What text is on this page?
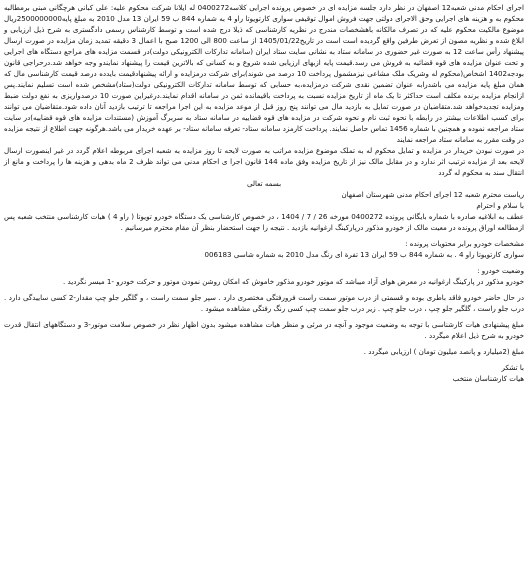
اجرای احکام مدنی شعبه12 اصفهان در نظر دارد جلسه مزایده ای در خصوص پرونده اجرایی کلاسه0400272 له ایلانا شرکت محکوم علیه: علی کبانی هرچگانی مبنی برمطالبه محکوم به و هزینه های اجرایی وحق الاجرای دولتی جهت فروش اموال توقیفی سواری کارتویوتا راو 4 به شماره 844 ب 59 ایران 13 مدل 2010 به مبلغ پایه2500000000ریال موضوع مالکیت محکوم علیه که در تصرف مالکانه باهشخصات مندرج در نظریه کارشناسی که ذیلا درج شده است و توسط کارشناس رسمی دادگستری به شرح ذیل ارزیابی و ابلاغ شده و نظریه مصون از تعرض طرفین واقع گردیده است است در تاریخ1405/01/22 از ساعت 800 الی 1200 صبح با اعمال 3 دقیقه تمدید زمان مزایده در صورت ارسال پیشنهاد رأس ساعت 12 به صورت غیر حضوری در سامانه ستاد به نشانی سایت ستاد ایران (سامانه تدارکات الکترونیکی دولت)در قسمت مزایده های مراجع دستگاه های اجرایی و تحت عنوان مزایده های قوه قضائیه به فروش می رسد.قیمت پایه ازبهای ارزیابی شده شروع و به کسانی که بالاترین قیمت را پیشنهاد نمایندو وجه خواهد شد.درحراجی قانون بودجه1402 اشخاص(محکوم له وشریک ملک مشاعی نیزمشمول پرداخت 10 درصد می شوند)برای شرکت درمزایده و ارائه پیشنهادقیمت بایدده درصد قیمت کارشناسی مال که همان مبلغ پایه مزایده می باشدرابه عنوان تضمین نقدی شرکت درمزایده،به حسابی که توسط سامانه تدارکات الکترونیکی دولت(ستاد)مشخص شده است تسلیم نمایند.پس ازانجام مزایده برنده مکلف است حداکثر تا یک ماه از تاریخ مزایده نسبت به پرداخت باقیمانده ثمن در سامانه اقدام نمایند.درغیراین صورت 10 درصدواریزی به نفع دولت ضبط ومزایده تجدیدخواهد شد.متقاضیان در صورت تمایل به بازدید مال می توانند پنج روز قبل از موعد مزایده به این اجرا مراجعه تا ترتیب بازدید آنان داده شود.متقاضیان می توانند برای کسب اطلاعات بیشتر در رابطه با نحوه ثبت نام و نحوه شرکت در مزایده های قوه قضاییه در سامانه ستاد به سربرگ آموزش (مستندات مزایده های قوه قضاییه)در سایت ستاد مراجعه نموده و همچنین با شماره 1456 تماس حاصل نمایند. پرداخت کارمزد سامانه ستاد- تعرفه سامانه ستاد- بر عهده خریدار می باشد.هرگونه جهت اطلاع از نتیجه مزایده در وقت مقرر به سامانه ستاد مراجعه نمایند

در صورت نبودن خریدار در مزایده و تمایل محکوم له به تملک موضوع مزایده مراتب به صورت لایحه تا روز مزایده به شعبه اجرای مربوطه اعلام گردد در غیر اینصورت ارسال لایحه بعد از مزایده ترتیب اثر ندارد و در مقابل مالک نیز از تاریخ مزایده وفق ماده 144 قانون اجرا ی احکام مدنی می تواند ظرف 2 ماه بدهی و هزینه ها را پرداخت و مانع از انتقال سند به محکوم له گردد

بسمه تعالی

ریاست محترم شعبه 12 اجرای احکام مدنی شهرستان اصفهان

با سلام و احترام

عطف به ابلاغیه صادره با شماره بایگانی پرونده 0400272 مورخه 26 / 7 / 1404 ، در خصوص کارشناسی یک دستگاه خودرو تویوتا ( راو 4 ) هیات کارشناسی منتخب شعبه پس ازمطالعه اوراق پرونده در معیت مالک از خودرو مذکور درپارکینگ ارغوانیه بازدید . نتیجه را جهت استحضار بنظر آن مقام محترم میرسانیم .

مشخصات خودرو برابر محتویات پرونده :

سواری کارتویوتا راو 4 . به شماره 844 ب 59 ایران 13 تفرة ای رنگ مدل 2010 به شماره شاسی 006183

وضعیت خودرو :

خودرو مذکور در پارکینگ ارغوانیه در معرض هوای آزاد میباشد که موتور خودرو مذکور خاموش که امکان روشن نمودن موتور و حرکت خودرو -1 میسر نگردید .

در حال حاضر خودرو فاقد باطری بوده و قسمتی از درب موتور سمت راست فرورفتگی مختصری دارد . سپر جلو سمت راست ، و گلگیر جلو چپ مقدار-2 کسی ساییدگی دارد . درب جلو راست ، گلگیر جلو چپ ، درب جلو چپ . زیر درب جلو سمت چپ کسی رنگ رفتگی مشاهده میشود .

مبلغ پیشنهادی هیات کارشناسی با توجه به وضعیت موجود و آنچه در مرئی و منظر هیات مشاهده میشود بدون اظهار نظر در خصوص سلامت موتور-3 و دستگاههای انتقال قدرت خودرو به شرح ذیل اعلام میگردد .

مبلغ (2میلیارد و پانصد میلیون تومان ) ارزیابی میگردد .

با تشکر

هیات کارشناسان منتخب
